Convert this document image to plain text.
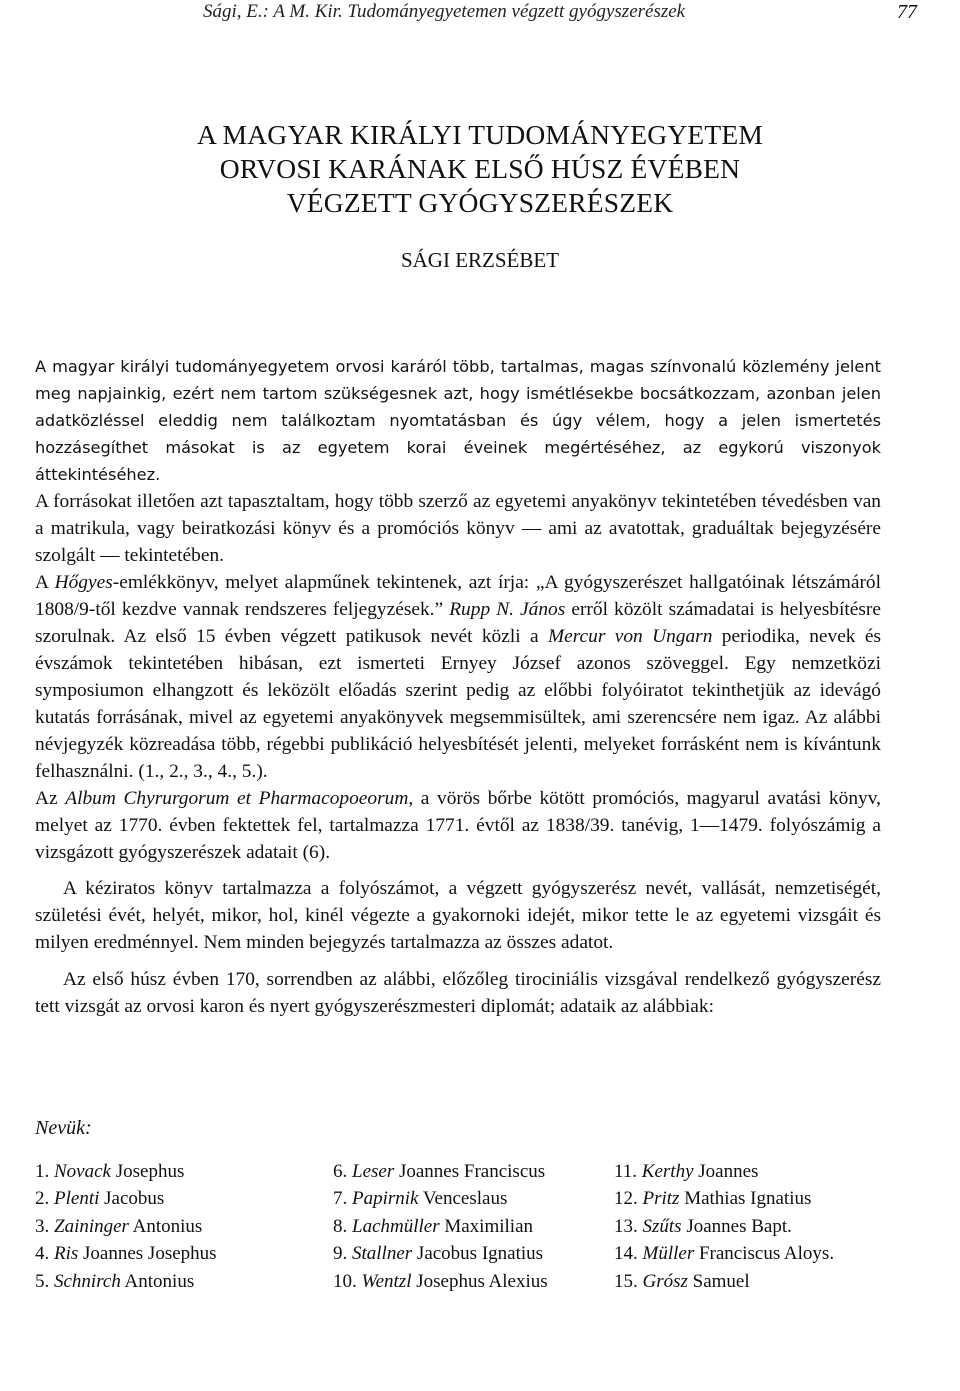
Sági, E.: A M. Kir. Tudományegyetemen végzett gyógyszerészek	77
A MAGYAR KIRÁLYI TUDOMÁNYEGYETEM
ORVOSI KARÁNAK ELSŐ HÚSZ ÉVÉBEN
VÉGZETT GYÓGYSZERÉSZEK
SÁGI ERZSÉBET

A magyar királyi tudományegyetem orvosi karáról több, tartalmas, magas színvonalú közlemény jelent meg napjainkig, ezért nem tartom szükségesnek azt, hogy ismétlésekbe bocsátkozzam, azonban jelen adatközléssel eleddig nem találkoztam nyomtatásban és úgy vélem, hogy a jelen ismertetés hozzásegíthet másokat is az egyetem korai éveinek megértéséhez, az egykorú viszonyok áttekintéséhez.

A forrásokat illetően azt tapasztaltam, hogy több szerző az egyetemi anyakönyv tekintetében tévedésben van a matrikula, vagy beiratkozási könyv és a promóciós könyv — ami az avatottak, graduáltak bejegyzésére szolgált — tekintetében.

A Hőgyes-emlékkönyv, melyet alapműnek tekintenek, azt írja: „A gyógyszerészet hallgatóinak létszámáról 1808/9-től kezdve vannak rendszeres feljegyzések.” Rupp N. János erről közölt számadatai is helyesbítésre szorulnak. Az első 15 évben végzett patikusok nevét közli a Mercur von Ungarn periodika, nevek és évszámok tekintetében hibásan, ezt ismerteti Ernyey József azonos szöveggel. Egy nemzetközi symposiumon elhangzott és leközölt előadás szerint pedig az előbbi folyóiratot tekinthetjük az idevágó kutatás forrásának, mivel az egyetemi anyakönyvek megsemmisültek, ami szerencsére nem igaz. Az alábbi névjegyzék közreadása több, régebbi publikáció helyesbítését jelenti, melyeket forrásként nem is kívántunk felhasználni. (1., 2., 3., 4., 5.).

Az Album Chyrurgorum et Pharmacopoeorum, a vörös bőrbe kötött promóciós, magyarul avatási könyv, melyet az 1770. évben fektettek fel, tartalmazza 1771. évtől az 1838/39. tanévig, 1—1479. folyószámig a vizsgázott gyógyszerészek adatait (6).

A kéziratos könyv tartalmazza a folyószámot, a végzett gyógyszerész nevét, vallását, nemzetiségét, születési évét, helyét, mikor, hol, kinél végezte a gyakornoki idejét, mikor tette le az egyetemi vizsgáit és milyen eredménnyel. Nem minden bejegyzés tartalmazza az összes adatot.

Az első húsz évben 170, sorrendben az alábbi, előzőleg tirociniális vizsgával rendelkező gyógyszerész tett vizsgát az orvosi karon és nyert gyógyszerészmesteri diplomát; adataik az alábbiak:

Nevük:
1. Novack Josephus
2. Plenti Jacobus
3. Zaininger Antonius
4. Ris Joannes Josephus
5. Schnirch Antonius
6. Leser Joannes Franciscus
7. Papirnik Venceslaus
8. Lachmüller Maximilian
9. Stallner Jacobus Ignatius
10. Wentzl Josephus Alexius
11. Kerthy Joannes
12. Pritz Mathias Ignatius
13. Szűts Joannes Bapt.
14. Müller Franciscus Aloys.
15. Grósz Samuel
